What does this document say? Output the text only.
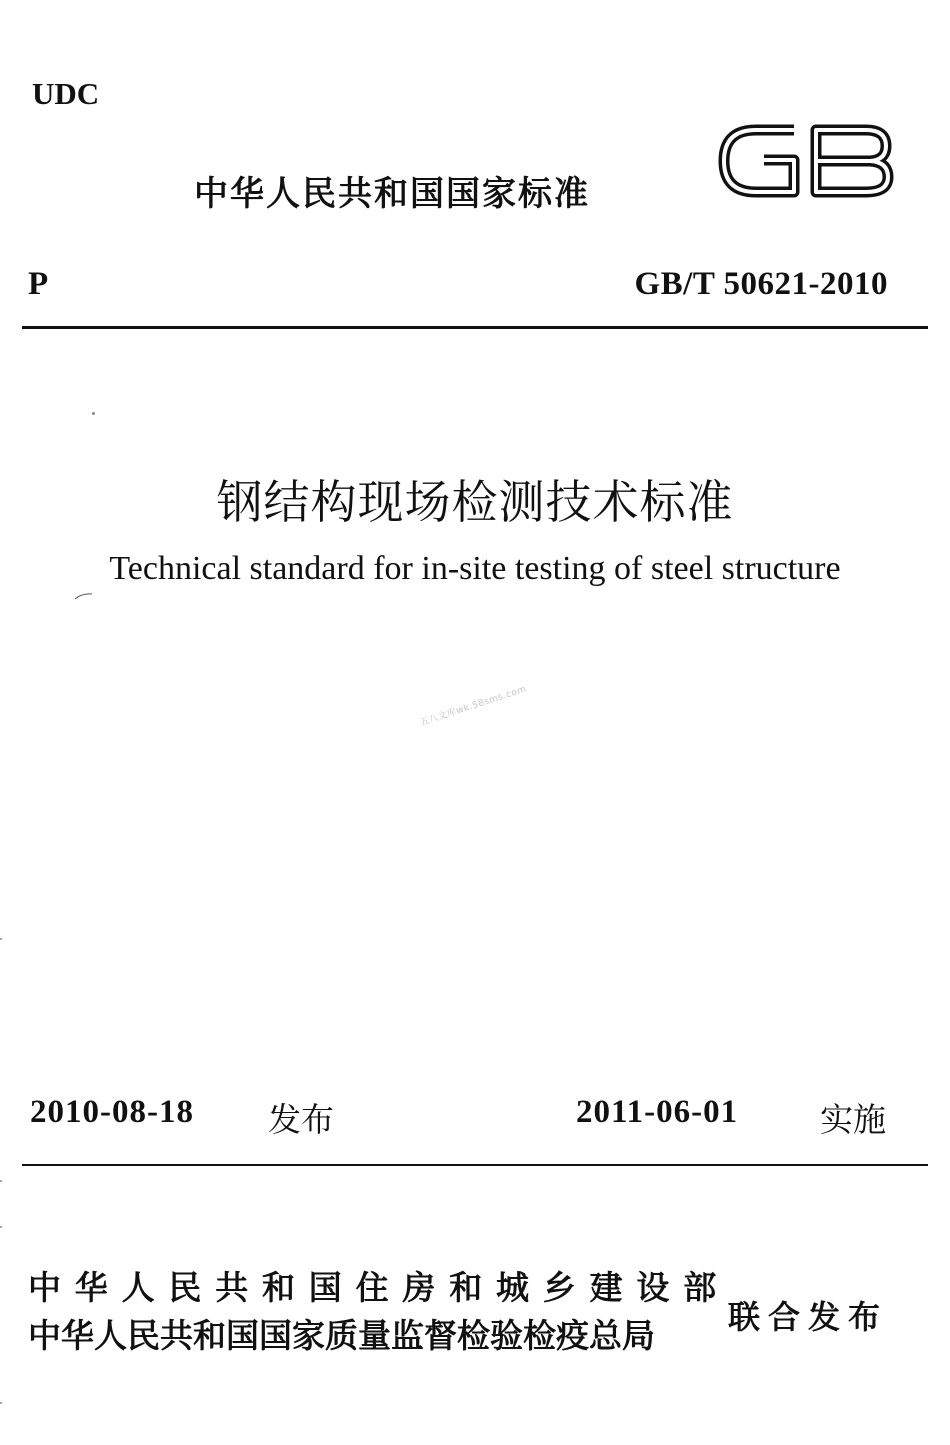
UDC
中华人民共和国国家标准
P	GB/T 50621-2010
钢结构现场检测技术标准
Technical standard for in-site testing of steel structure
五八文库wk.58sms.com
2010-08-18 发布	2011-06-01 实施
中华人民共和国住房和城乡建设部
中华人民共和国国家质量监督检验检疫总局 联合发布
